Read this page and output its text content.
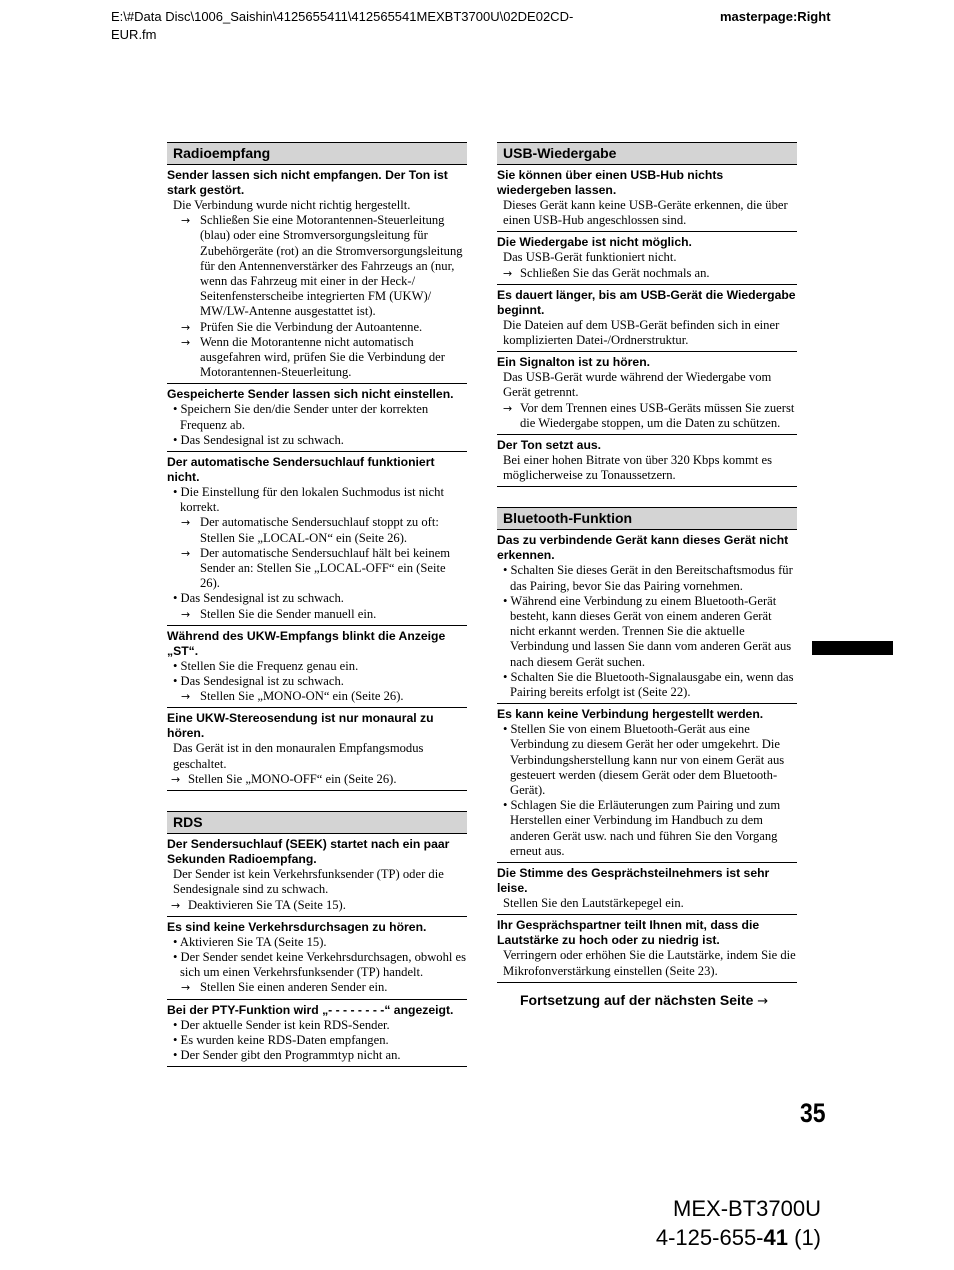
E:\#Data Disc\1006_Saishin\4125655411\412565541MEXBT3700U\02DE02CD-
EUR.fm
masterpage:Right
Radioempfang
Sender lassen sich nicht empfangen. Der Ton ist stark gestört.
Die Verbindung wurde nicht richtig hergestellt.
→ Schließen Sie eine Motorantennen-Steuerleitung (blau) oder eine Stromversorgungsleitung für Zubehörgeräte (rot) an die Stromversorgungsleitung für den Antennenverstärker des Fahrzeugs an (nur, wenn das Fahrzeug mit einer in der Heck-/ Seitenfensterscheibe integrierten FM (UKW)/ MW/LW-Antenne ausgestattet ist).
→ Prüfen Sie die Verbindung der Autoantenne.
→ Wenn die Motorantenne nicht automatisch ausgefahren wird, prüfen Sie die Verbindung der Motorantennen-Steuerleitung.
Gespeicherte Sender lassen sich nicht einstellen.
• Speichern Sie den/die Sender unter der korrekten Frequenz ab.
• Das Sendesignal ist zu schwach.
Der automatische Sendersuchlauf funktioniert nicht.
• Die Einstellung für den lokalen Suchmodus ist nicht korrekt.
→ Der automatische Sendersuchlauf stoppt zu oft: Stellen Sie „LOCAL-ON“ ein (Seite 26).
→ Der automatische Sendersuchlauf hält bei keinem Sender an: Stellen Sie „LOCAL-OFF“ ein (Seite 26).
• Das Sendesignal ist zu schwach.
→ Stellen Sie die Sender manuell ein.
Während des UKW-Empfangs blinkt die Anzeige „ST“.
• Stellen Sie die Frequenz genau ein.
• Das Sendesignal ist zu schwach.
→ Stellen Sie „MONO-ON“ ein (Seite 26).
Eine UKW-Stereosendung ist nur monaural zu hören.
Das Gerät ist in den monauralen Empfangsmodus geschaltet.
→ Stellen Sie „MONO-OFF“ ein (Seite 26).
RDS
Der Sendersuchlauf (SEEK) startet nach ein paar Sekunden Radioempfang.
Der Sender ist kein Verkehrsfunksender (TP) oder die Sendesignale sind zu schwach.
→ Deaktivieren Sie TA (Seite 15).
Es sind keine Verkehrsdurchsagen zu hören.
• Aktivieren Sie TA (Seite 15).
• Der Sender sendet keine Verkehrsdurchsagen, obwohl es sich um einen Verkehrsfunksender (TP) handelt.
→ Stellen Sie einen anderen Sender ein.
Bei der PTY-Funktion wird „- - - - - - - -“ angezeigt.
• Der aktuelle Sender ist kein RDS-Sender.
• Es wurden keine RDS-Daten empfangen.
• Der Sender gibt den Programmtyp nicht an.
USB-Wiedergabe
Sie können über einen USB-Hub nichts wiedergeben lassen.
Dieses Gerät kann keine USB-Geräte erkennen, die über einen USB-Hub angeschlossen sind.
Die Wiedergabe ist nicht möglich.
Das USB-Gerät funktioniert nicht.
→ Schließen Sie das Gerät nochmals an.
Es dauert länger, bis am USB-Gerät die Wiedergabe beginnt.
Die Dateien auf dem USB-Gerät befinden sich in einer komplizierten Datei-/Ordnerstruktur.
Ein Signalton ist zu hören.
Das USB-Gerät wurde während der Wiedergabe vom Gerät getrennt.
→ Vor dem Trennen eines USB-Geräts müssen Sie zuerst die Wiedergabe stoppen, um die Daten zu schützen.
Der Ton setzt aus.
Bei einer hohen Bitrate von über 320 Kbps kommt es möglicherweise zu Tonaussetzern.
Bluetooth-Funktion
Das zu verbindende Gerät kann dieses Gerät nicht erkennen.
• Schalten Sie dieses Gerät in den Bereitschaftsmodus für das Pairing, bevor Sie das Pairing vornehmen.
• Während eine Verbindung zu einem Bluetooth-Gerät besteht, kann dieses Gerät von einem anderen Gerät nicht erkannt werden. Trennen Sie die aktuelle Verbindung und lassen Sie dann vom anderen Gerät aus nach diesem Gerät suchen.
• Schalten Sie die Bluetooth-Signalausgabe ein, wenn das Pairing bereits erfolgt ist (Seite 22).
Es kann keine Verbindung hergestellt werden.
• Stellen Sie von einem Bluetooth-Gerät aus eine Verbindung zu diesem Gerät her oder umgekehrt. Die Verbindungsherstellung kann nur von einem Gerät aus gesteuert werden (diesem Gerät oder dem Bluetooth-Gerät).
• Schlagen Sie die Erläuterungen zum Pairing und zum Herstellen einer Verbindung im Handbuch zu dem anderen Gerät usw. nach und führen Sie den Vorgang erneut aus.
Die Stimme des Gesprächsteilnehmers ist sehr leise.
Stellen Sie den Lautstärkepegel ein.
Ihr Gesprächspartner teilt Ihnen mit, dass die Lautstärke zu hoch oder zu niedrig ist.
Verringern oder erhöhen Sie die Lautstärke, indem Sie die Mikrofonverstärkung einstellen (Seite 23).
Fortsetzung auf der nächsten Seite →
35
MEX-BT3700U
4-125-655-41 (1)
